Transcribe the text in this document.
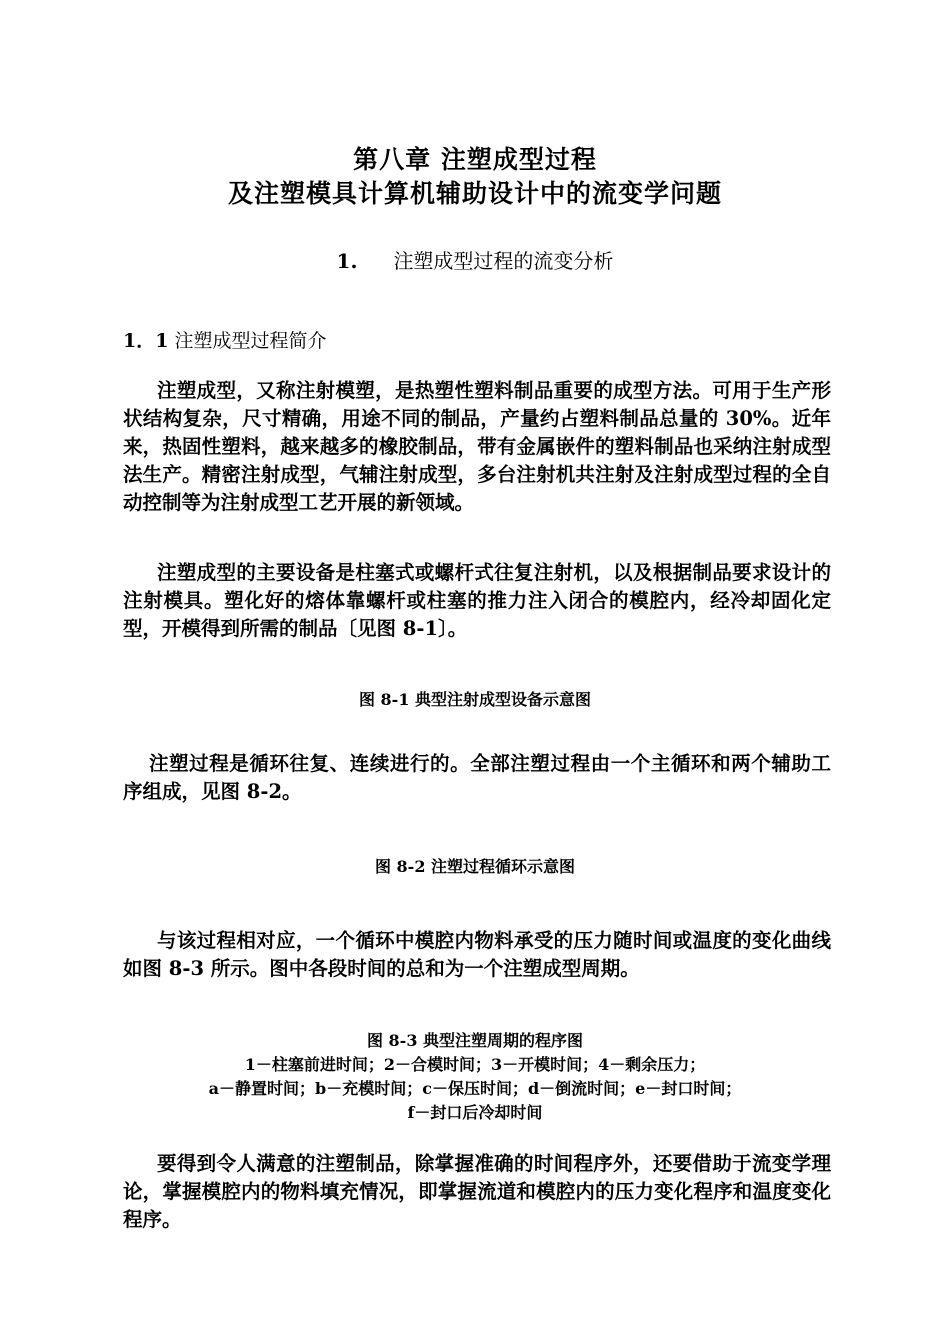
第八章 注塑成型过程
及注塑模具计算机辅助设计中的流变学问题
1. 注塑成型过程的流变分析
1．1 注塑成型过程简介
注塑成型，又称注射模塑，是热塑性塑料制品重要的成型方法。可用于生产形状结构复杂，尺寸精确，用途不同的制品，产量约占塑料制品总量的 30%。近年来，热固性塑料，越来越多的橡胶制品，带有金属嵌件的塑料制品也采纳注射成型法生产。精密注射成型，气辅注射成型，多台注射机共注射及注射成型过程的全自动控制等为注射成型工艺开展的新领域。
注塑成型的主要设备是柱塞式或螺杆式往复注射机，以及根据制品要求设计的注射模具。塑化好的熔体靠螺杆或柱塞的推力注入闭合的模腔内，经冷却固化定型，开模得到所需的制品〔见图 8-1〕。
图 8-1 典型注射成型设备示意图
注塑过程是循环往复、连续进行的。全部注塑过程由一个主循环和两个辅助工序组成，见图 8-2。
图 8-2 注塑过程循环示意图
与该过程相对应，一个循环中模腔内物料承受的压力随时间或温度的变化曲线如图 8-3 所示。图中各段时间的总和为一个注塑成型周期。
图 8-3 典型注塑周期的程序图
1－柱塞前进时间；2－合模时间；3－开模时间；4－剩余压力；
a－静置时间；b－充模时间；c－保压时间；d－倒流时间；e－封口时间；
f－封口后冷却时间
要得到令人满意的注塑制品，除掌握准确的时间程序外，还要借助于流变学理论，掌握模腔内的物料填充情况，即掌握流道和模腔内的压力变化程序和温度变化程序。
